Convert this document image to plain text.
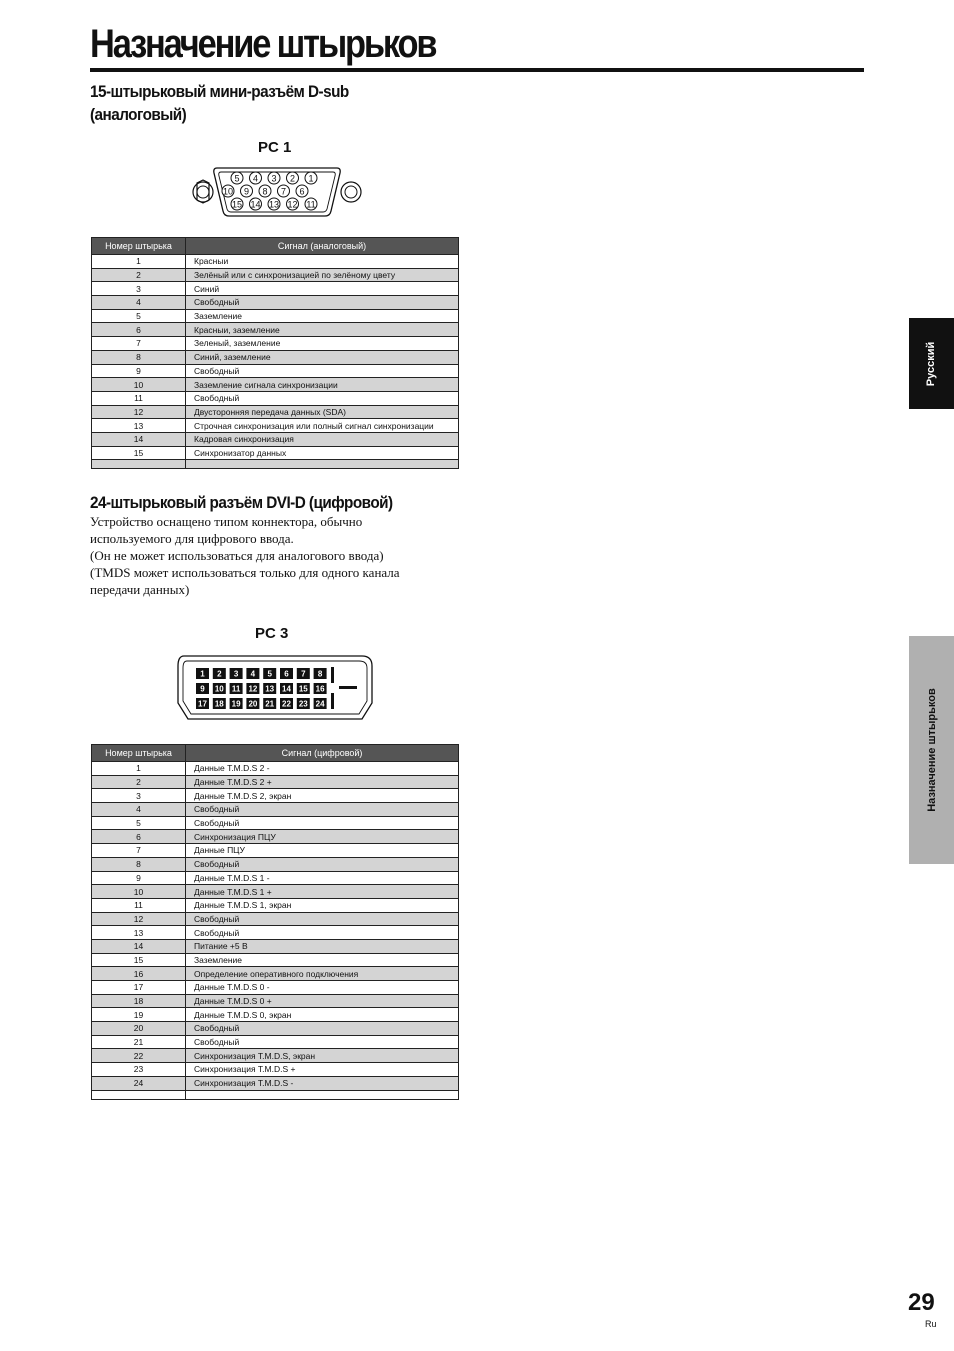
Назначение штырьков
15-штырьковый мини-разъём D-sub (аналоговый)
PC 1
5 4 3 2 1
10 9 8 7 6
15 14 13 12 11
Номер штырька	Сигнал (аналоговый)
1	Красныи
2	Зелёный или с синхронизацией по зелёному цвету
3	Синий
4	Свободный
5	Заземление
6	Красныи, заземление
7	Зеленый, заземление
8	Синий, заземление
9	Свободный
10	Заземление сигнала синхронизации
11	Свободный
12	Двусторонняя передача данных (SDA)
13	Строчная синхронизация или полный сигнал синхронизации
14	Кадровая синхронизация
15	Синхронизатор данных

24-штырьковый разъём DVI-D (цифровой)

Устройство оснащено типом коннектора, обычно

используемого для цифрового ввода.

(Он не может использоваться для аналогового ввода)

(TMDS может использоваться только для одного канала

передачи данных)

PC 3
1 2 3 4 5 6 7 8
9 10 11 12 13 14 15 16
17 18 19 20 21 22 23 24
Номер штырька	Сигнал (цифровой)
1	Данные T.M.D.S 2 -
2	Данные T.M.D.S 2 +
3	Данные T.M.D.S 2, экран
4	Свободный
5	Свободный
6	Синхронизация ПЦУ
7	Данные ПЦУ
8	Свободный
9	Данные T.M.D.S 1 -
10	Данные T.M.D.S 1 +
11	Данные T.M.D.S 1, экран
12	Свободный
13	Свободный
14	Питание +5 В
15	Заземление
16	Определение оперативного подключения
17	Данные T.M.D.S 0 -
18	Данные T.M.D.S 0 +
19	Данные T.M.D.S 0, экран
20	Свободный
21	Свободный
22	Синхронизация T.M.D.S, экран
23	Синхронизация T.M.D.S +
24	Синхронизация T.M.D.S -

Русский
Назначение штырьков
29
Ru
